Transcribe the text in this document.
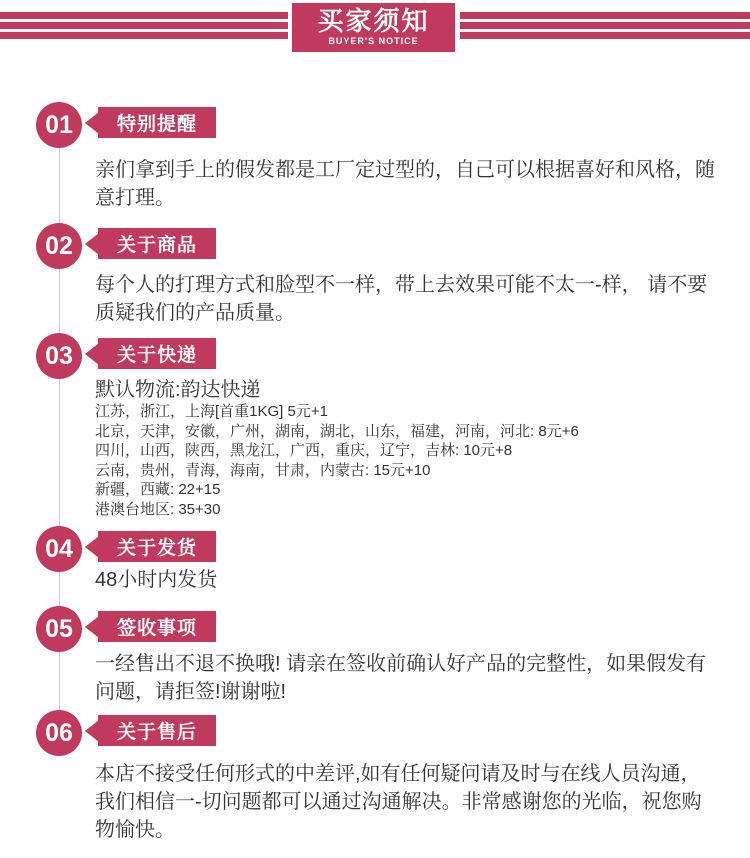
买家须知
BUYER'S NOTICE
01	特别提醒
亲们拿到手上的假发都是工厂定过型的，自己可以根据喜好和风格，随意打理。
02	关于商品
每个人的打理方式和脸型不一样，带上去效果可能不太一-样， 请不要质疑我们的产品质量。
03	关于快递
默认物流:韵达快递
江苏，浙江，上海[首重1KG] 5元+1
北京，天津，安徽，广州，湖南，湖北，山东，福建，河南，河北: 8元+6
四川，山西，陕西，黑龙江，广西，重庆，辽宁，吉林: 10元+8
云南，贵州，青海，海南，甘肃，内蒙古: 15元+10
新疆，西藏: 22+15
港澳台地区: 35+30
04	关于发货
48小时内发货
05	签收事项
一经售出不退不换哦! 请亲在签收前确认好产品的完整性，如果假发有问题，请拒签!谢谢啦!
06	关于售后
本店不接受任何形式的中差评,如有任何疑问请及时与在线人员沟通，我们相信一-切问题都可以通过沟通解决。非常感谢您的光临，祝您购物愉快。
